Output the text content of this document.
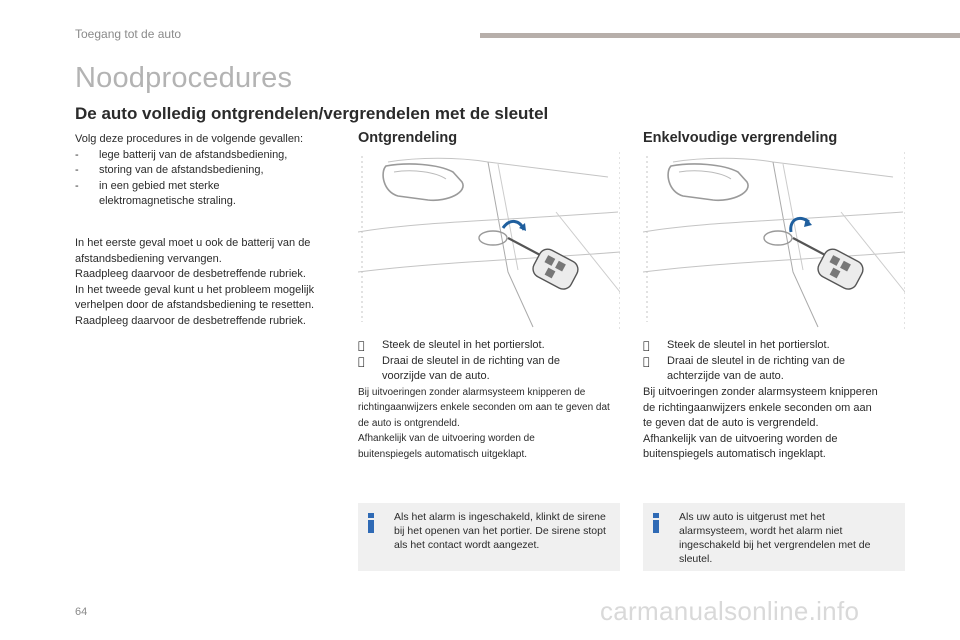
Toegang tot de auto
Noodprocedures
De auto volledig ontgrendelen/vergrendelen met de sleutel
Volg deze procedures in de volgende gevallen:
-	lege batterij van de afstandsbediening,
-	storing van de afstandsbediening,
-	in een gebied met sterke elektromagnetische straling.
In het eerste geval moet u ook de batterij van de afstandsbediening vervangen.
Raadpleeg daarvoor de desbetreffende rubriek.
In het tweede geval kunt u het probleem mogelijk verhelpen door de afstandsbediening te resetten.
Raadpleeg daarvoor de desbetreffende rubriek.
Ontgrendeling
Steek de sleutel in het portierslot.
Draai de sleutel in de richting van de voorzijde van de auto.
Bij uitvoeringen zonder alarmsysteem knipperen de richtingaanwijzers enkele seconden om aan te geven dat de auto is ontgrendeld.
Afhankelijk van de uitvoering worden de buitenspiegels automatisch uitgeklapt.
Als het alarm is ingeschakeld, klinkt de sirene bij het openen van het portier. De sirene stopt als het contact wordt aangezet.
Enkelvoudige vergrendeling
Steek de sleutel in het portierslot.
Draai de sleutel in de richting van de achterzijde van de auto.
Bij uitvoeringen zonder alarmsysteem knipperen de richtingaanwijzers enkele seconden om aan te geven dat de auto is vergrendeld.
Afhankelijk van de uitvoering worden de buitenspiegels automatisch ingeklapt.
Als uw auto is uitgerust met het alarmsysteem, wordt het alarm niet ingeschakeld bij het vergrendelen met de sleutel.
64	carmanualsonline.info
